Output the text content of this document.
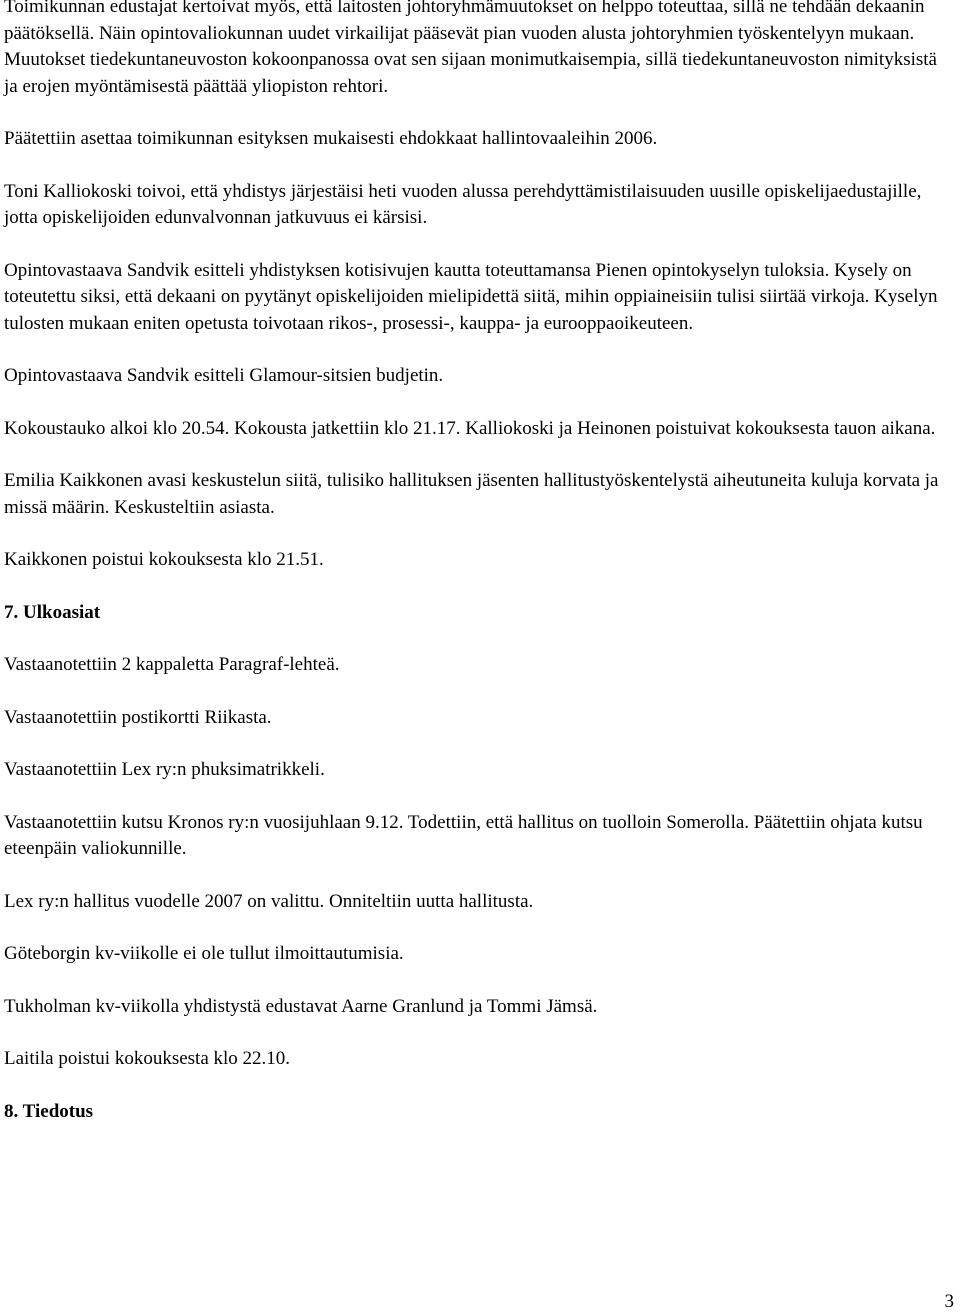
Toimikunnan edustajat kertoivat myös, että laitosten johtoryhmämuutokset on helppo toteuttaa, sillä ne tehdään dekaanin päätöksellä. Näin opintovaliokunnan uudet virkailijat pääsevät pian vuoden alusta johtoryhmien työskentelyyn mukaan. Muutokset tiedekuntaneuvoston kokoonpanossa ovat sen sijaan monimutkaisempia, sillä tiedekuntaneuvoston nimityksistä ja erojen myöntämisestä päättää yliopiston rehtori.

Päätettiin asettaa toimikunnan esityksen mukaisesti ehdokkaat hallintovaaleihin 2006.

Toni Kalliokoski toivoi, että yhdistys järjestäisi heti vuoden alussa perehdyttämistilaisuuden uusille opiskelijaedustajille, jotta opiskelijoiden edunvalvonnan jatkuvuus ei kärsisi.

Opintovastaava Sandvik esitteli yhdistyksen kotisivujen kautta toteuttamansa Pienen opintokyselyn tuloksia. Kysely on toteutettu siksi, että dekaani on pyytänyt opiskelijoiden mielipidettä siitä, mihin oppiaineisiin tulisi siirtää virkoja. Kyselyn tulosten mukaan eniten opetusta toivotaan rikos-, prosessi-, kauppa- ja eurooppaoikeuteen.

Opintovastaava Sandvik esitteli Glamour-sitsien budjetin.

Kokoustauko alkoi klo 20.54. Kokousta jatkettiin klo 21.17. Kalliokoski ja Heinonen poistuivat kokouksesta tauon aikana.

Emilia Kaikkonen avasi keskustelun siitä, tulisiko hallituksen jäsenten hallitustyöskentelystä aiheutuneita kuluja korvata ja missä määrin. Keskusteltiin asiasta.

Kaikkonen poistui kokouksesta klo 21.51.

7. Ulkoasiat

Vastaanotettiin 2 kappaletta Paragraf-lehteä.

Vastaanotettiin postikortti Riikasta.

Vastaanotettiin Lex ry:n phuksimatrikkeli.

Vastaanotettiin kutsu Kronos ry:n vuosijuhlaan 9.12. Todettiin, että hallitus on tuolloin Somerolla. Päätettiin ohjata kutsu eteenpäin valiokunnille.

Lex ry:n hallitus vuodelle 2007 on valittu. Onniteltiin uutta hallitusta.

Göteborgin kv-viikolle ei ole tullut ilmoittautumisia.

Tukholman kv-viikolla yhdistystä edustavat Aarne Granlund ja Tommi Jämsä.

Laitila poistui kokouksesta klo 22.10.

8. Tiedotus
3
